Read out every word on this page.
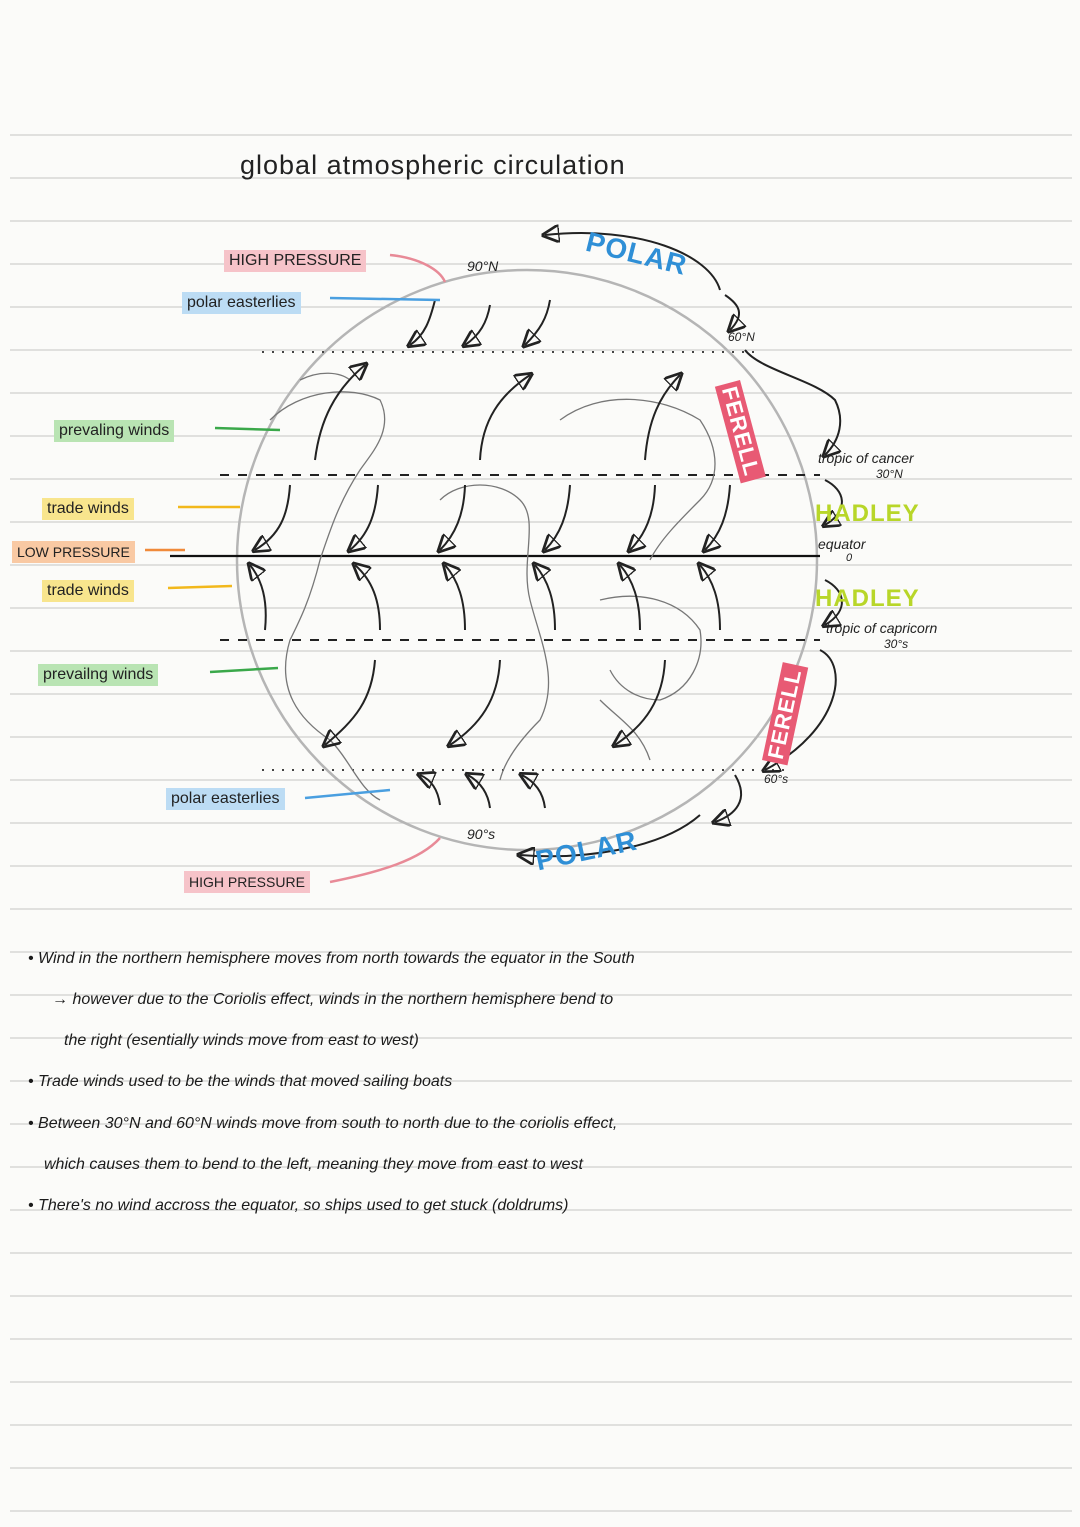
global atmospheric circulation
HIGH PRESSURE
polar easterlies
prevaling winds
trade winds
LOW PRESSURE
trade winds
prevailng winds
polar easterlies
HIGH PRESSURE
90°N
90°s
60°N
60°s
POLAR
FERELL
HADLEY
HADLEY
FERELL
POLAR
tropic of cancer
30°N
equator
0
tropic of capricorn
30°s
• Wind in the northern hemisphere moves from north towards the equator in the South
→ however due to the Coriolis effect, winds in the northern hemisphere bend to
the right (esentially winds move from east to west)
• Trade winds used to be the winds that moved sailing boats
• Between 30°N and 60°N winds move from south to north due to the coriolis effect,
which causes them to bend to the left, meaning they move from east to west
• There's no wind accross the equator, so ships used to get stuck (doldrums)
